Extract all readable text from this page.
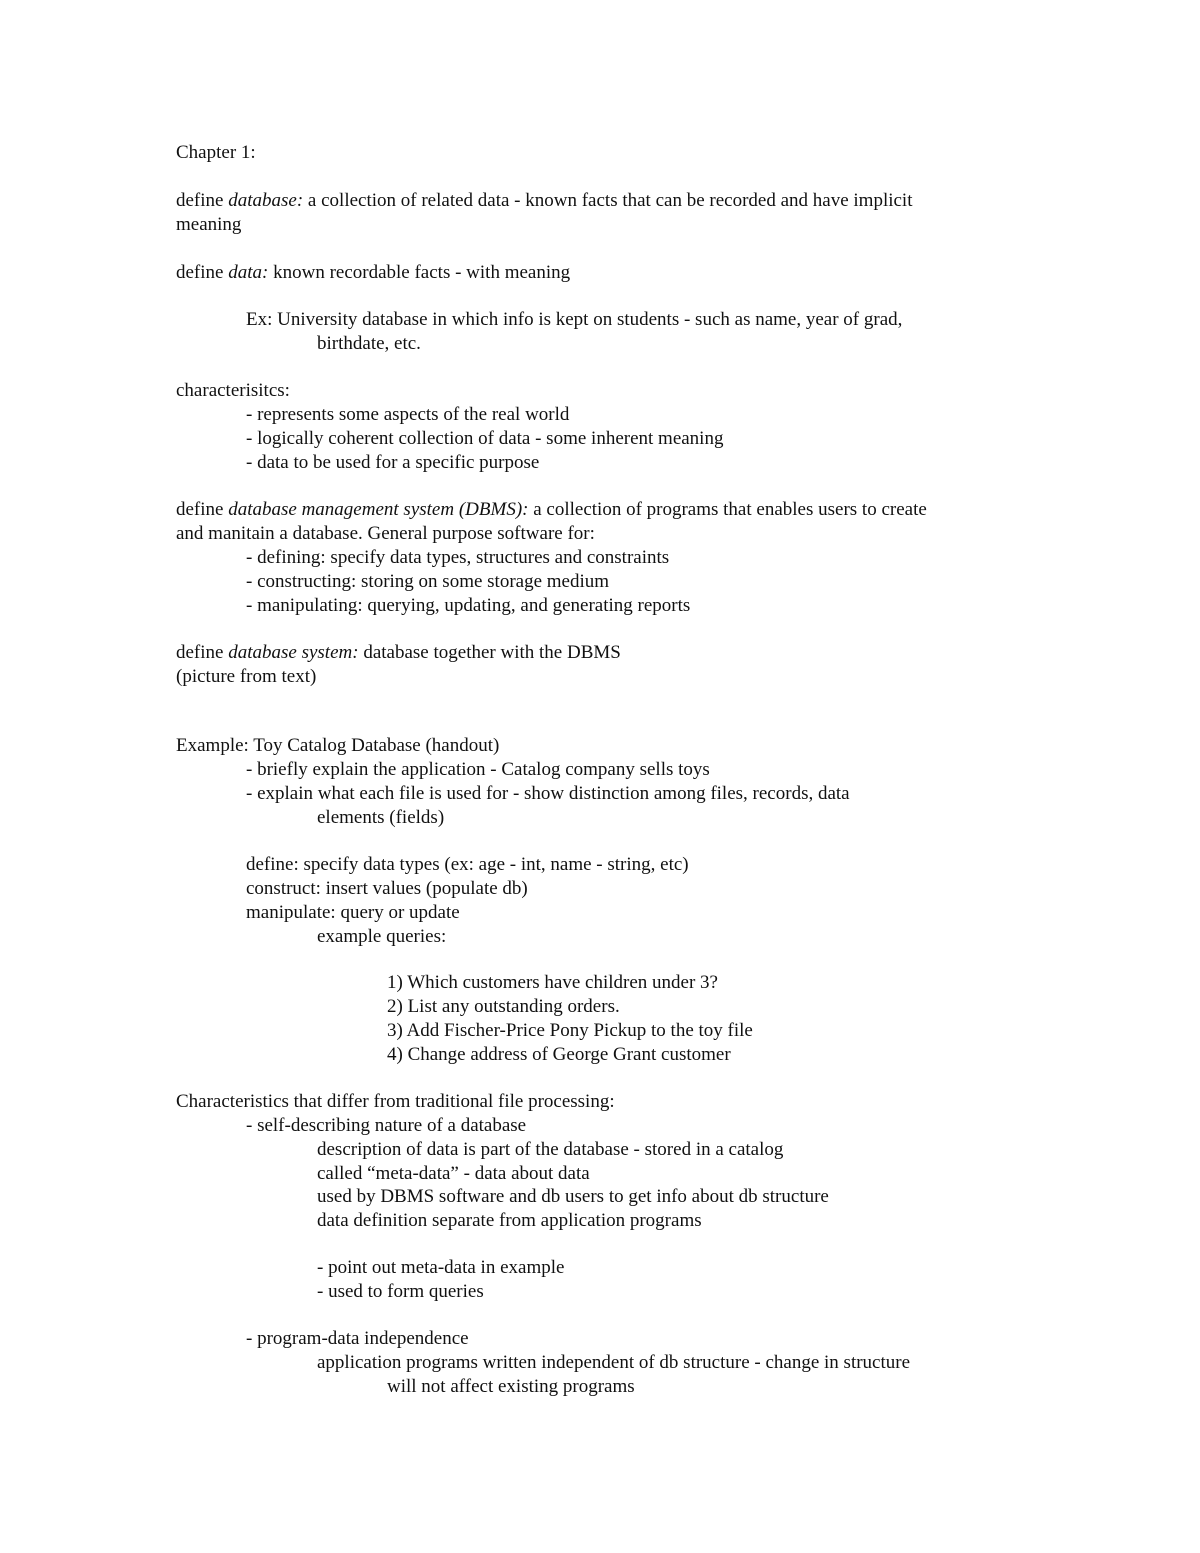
Chapter 1:

define database: a collection of related data - known facts that can be recorded and have implicit

meaning

define data: known recordable facts - with meaning

Ex: University database in which info is kept on students - such as name, year of grad,

birthdate, etc.

characterisitcs:

- represents some aspects of the real world

- logically coherent collection of data - some inherent meaning

- data to be used for a specific purpose

define database management system (DBMS): a collection of programs that enables users to create

and manitain a database. General purpose software for:

- defining: specify data types, structures and constraints

- constructing: storing on some storage medium

- manipulating: querying, updating, and generating reports

define database system: database together with the DBMS

(picture from text)

Example: Toy Catalog Database (handout)

- briefly explain the application - Catalog company sells toys

- explain what each file is used for - show distinction among files, records, data

elements (fields)

define: specify data types (ex: age - int, name - string, etc)

construct: insert values (populate db)

manipulate: query or update

example queries:

1) Which customers have children under 3?

2) List any outstanding orders.

3) Add Fischer-Price Pony Pickup to the toy file

4) Change address of George Grant customer

Characteristics that differ from traditional file processing:

- self-describing nature of a database

description of data is part of the database - stored in a catalog

called “meta-data” - data about data

used by DBMS software and db users to get info about db structure

data definition separate from application programs

- point out meta-data in example

- used to form queries

- program-data independence

application programs written independent of db structure - change in structure

will not affect existing programs
